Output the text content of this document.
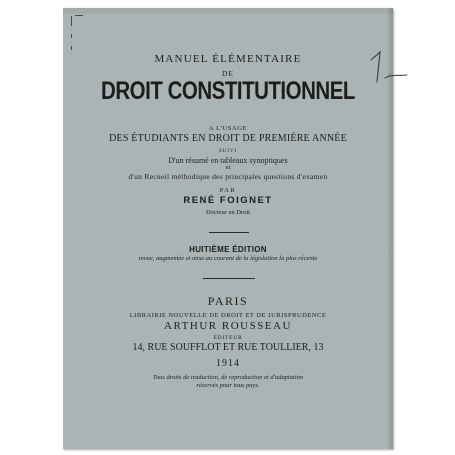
MANUEL ÉLÉMENTAIRE
DE
DROIT CONSTITUTIONNEL
A L'USAGE
DES ÉTUDIANTS EN DROIT DE PREMIÈRE ANNÉE
SUIVI
D'un résumé en tableaux synoptiques
et
d'un Recueil méthodique des principales questions d'examen
PAR
RENÉ FOIGNET
Docteur en Droit
HUITIÈME ÉDITION
revue, augmentée et mise au courant de la législation la plus récente
PARIS
LIBRAIRIE NOUVELLE DE DROIT ET DE JURISPRUDENCE
ARTHUR ROUSSEAU
ÉDITEUR
14, RUE SOUFFLOT ET RUE TOULLIER, 13
1914
Tous droits de traduction, de reproduction et d'adaptation
réservés pour tous pays.
